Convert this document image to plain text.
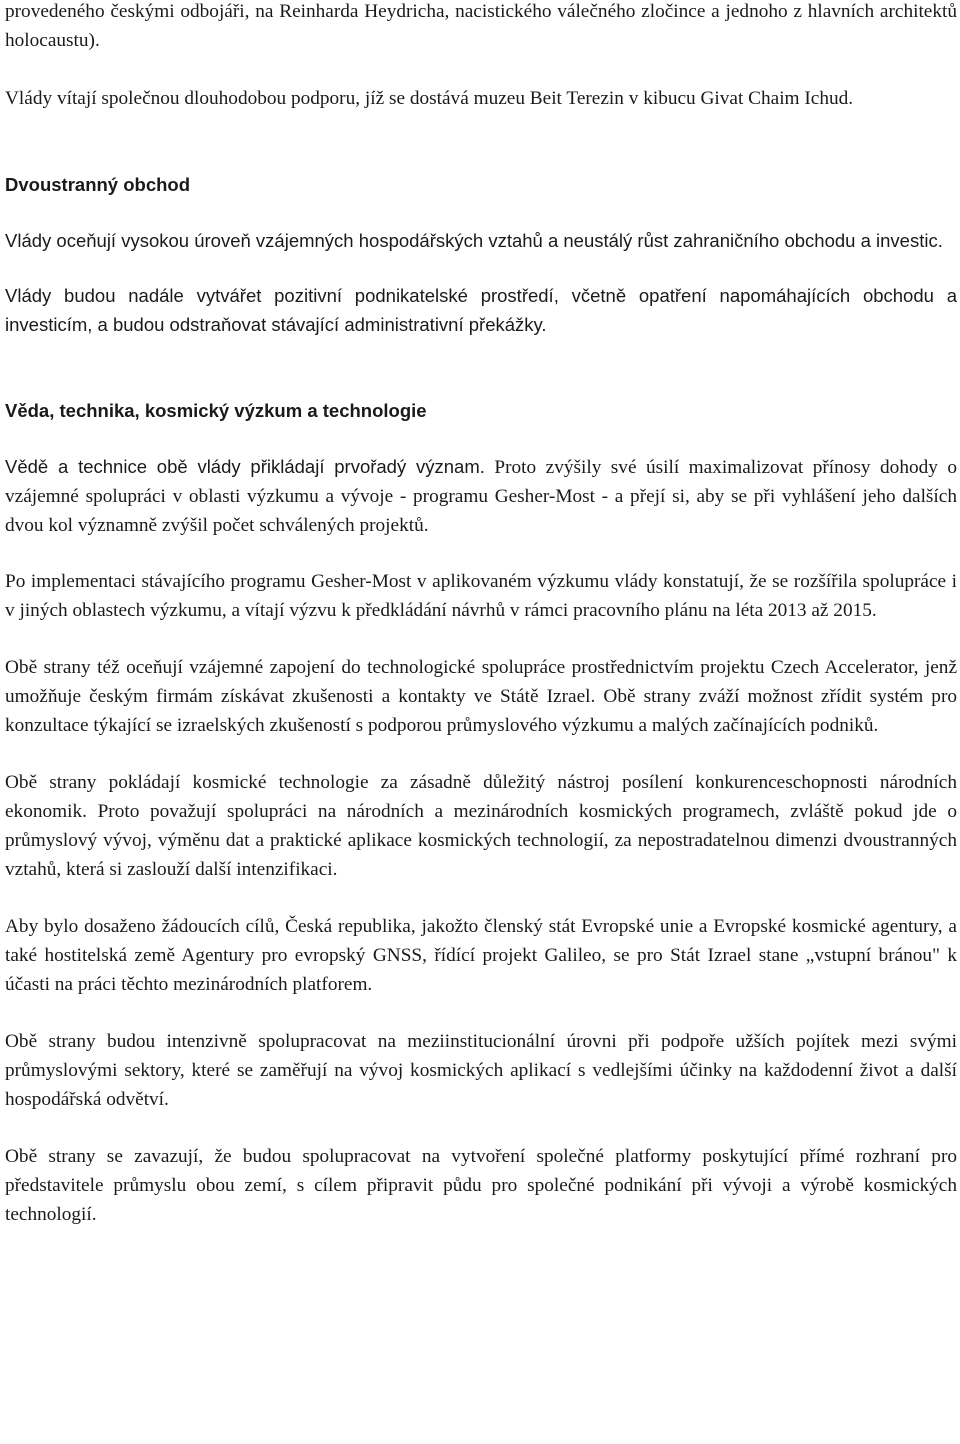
provedeného českými odbojáři, na Reinharda Heydricha, nacistického válečného zločince a jednoho z hlavních architektů holocaustu).

Vlády vítají společnou dlouhodobou podporu, jíž se dostává muzeu Beit Terezin v kibucu Givat Chaim Ichud.

Dvoustranný obchod

Vlády oceňují vysokou úroveň vzájemných hospodářských vztahů a neustálý růst zahraničního obchodu a investic.

Vlády budou nadále vytvářet pozitivní podnikatelské prostředí, včetně opatření napomáhajících obchodu a investicím, a budou odstraňovat stávající administrativní překážky.

Věda, technika, kosmický výzkum a technologie

Vědě a technice obě vlády přikládají prvořadý význam. Proto zvýšily své úsilí maximalizovat přínosy dohody o vzájemné spolupráci v oblasti výzkumu a vývoje - programu Gesher-Most - a přejí si, aby se při vyhlášení jeho dalších dvou kol významně zvýšil počet schválených projektů.

Po implementaci stávajícího programu Gesher-Most v aplikovaném výzkumu vlády konstatují, že se rozšířila spolupráce i v jiných oblastech výzkumu, a vítají výzvu k předkládání návrhů v rámci pracovního plánu na léta 2013 až 2015.

Obě strany též oceňují vzájemné zapojení do technologické spolupráce prostřednictvím projektu Czech Accelerator, jenž umožňuje českým firmám získávat zkušenosti a kontakty ve Státě Izrael. Obě strany zváží možnost zřídit systém pro konzultace týkající se izraelských zkušeností s podporou průmyslového výzkumu a malých začínajících podniků.

Obě strany pokládají kosmické technologie za zásadně důležitý nástroj posílení konkurenceschopnosti národních ekonomik. Proto považují spolupráci na národních a mezinárodních kosmických programech, zvláště pokud jde o průmyslový vývoj, výměnu dat a praktické aplikace kosmických technologií, za nepostradatelnou dimenzi dvoustranných vztahů, která si zaslouží další intenzifikaci.

Aby bylo dosaženo žádoucích cílů, Česká republika, jakožto členský stát Evropské unie a Evropské kosmické agentury, a také hostitelská země Agentury pro evropský GNSS, řídící projekt Galileo, se pro Stát Izrael stane „vstupní bránou" k účasti na práci těchto mezinárodních platforem.

Obě strany budou intenzivně spolupracovat na meziinstitucionální úrovni při podpoře užších pojítek mezi svými průmyslovými sektory, které se zaměřují na vývoj kosmických aplikací s vedlejšími účinky na každodenní život a další hospodářská odvětví.

Obě strany se zavazují, že budou spolupracovat na vytvoření společné platformy poskytující přímé rozhraní pro představitele průmyslu obou zemí, s cílem připravit půdu pro společné podnikání při vývoji a výrobě kosmických technologií.
